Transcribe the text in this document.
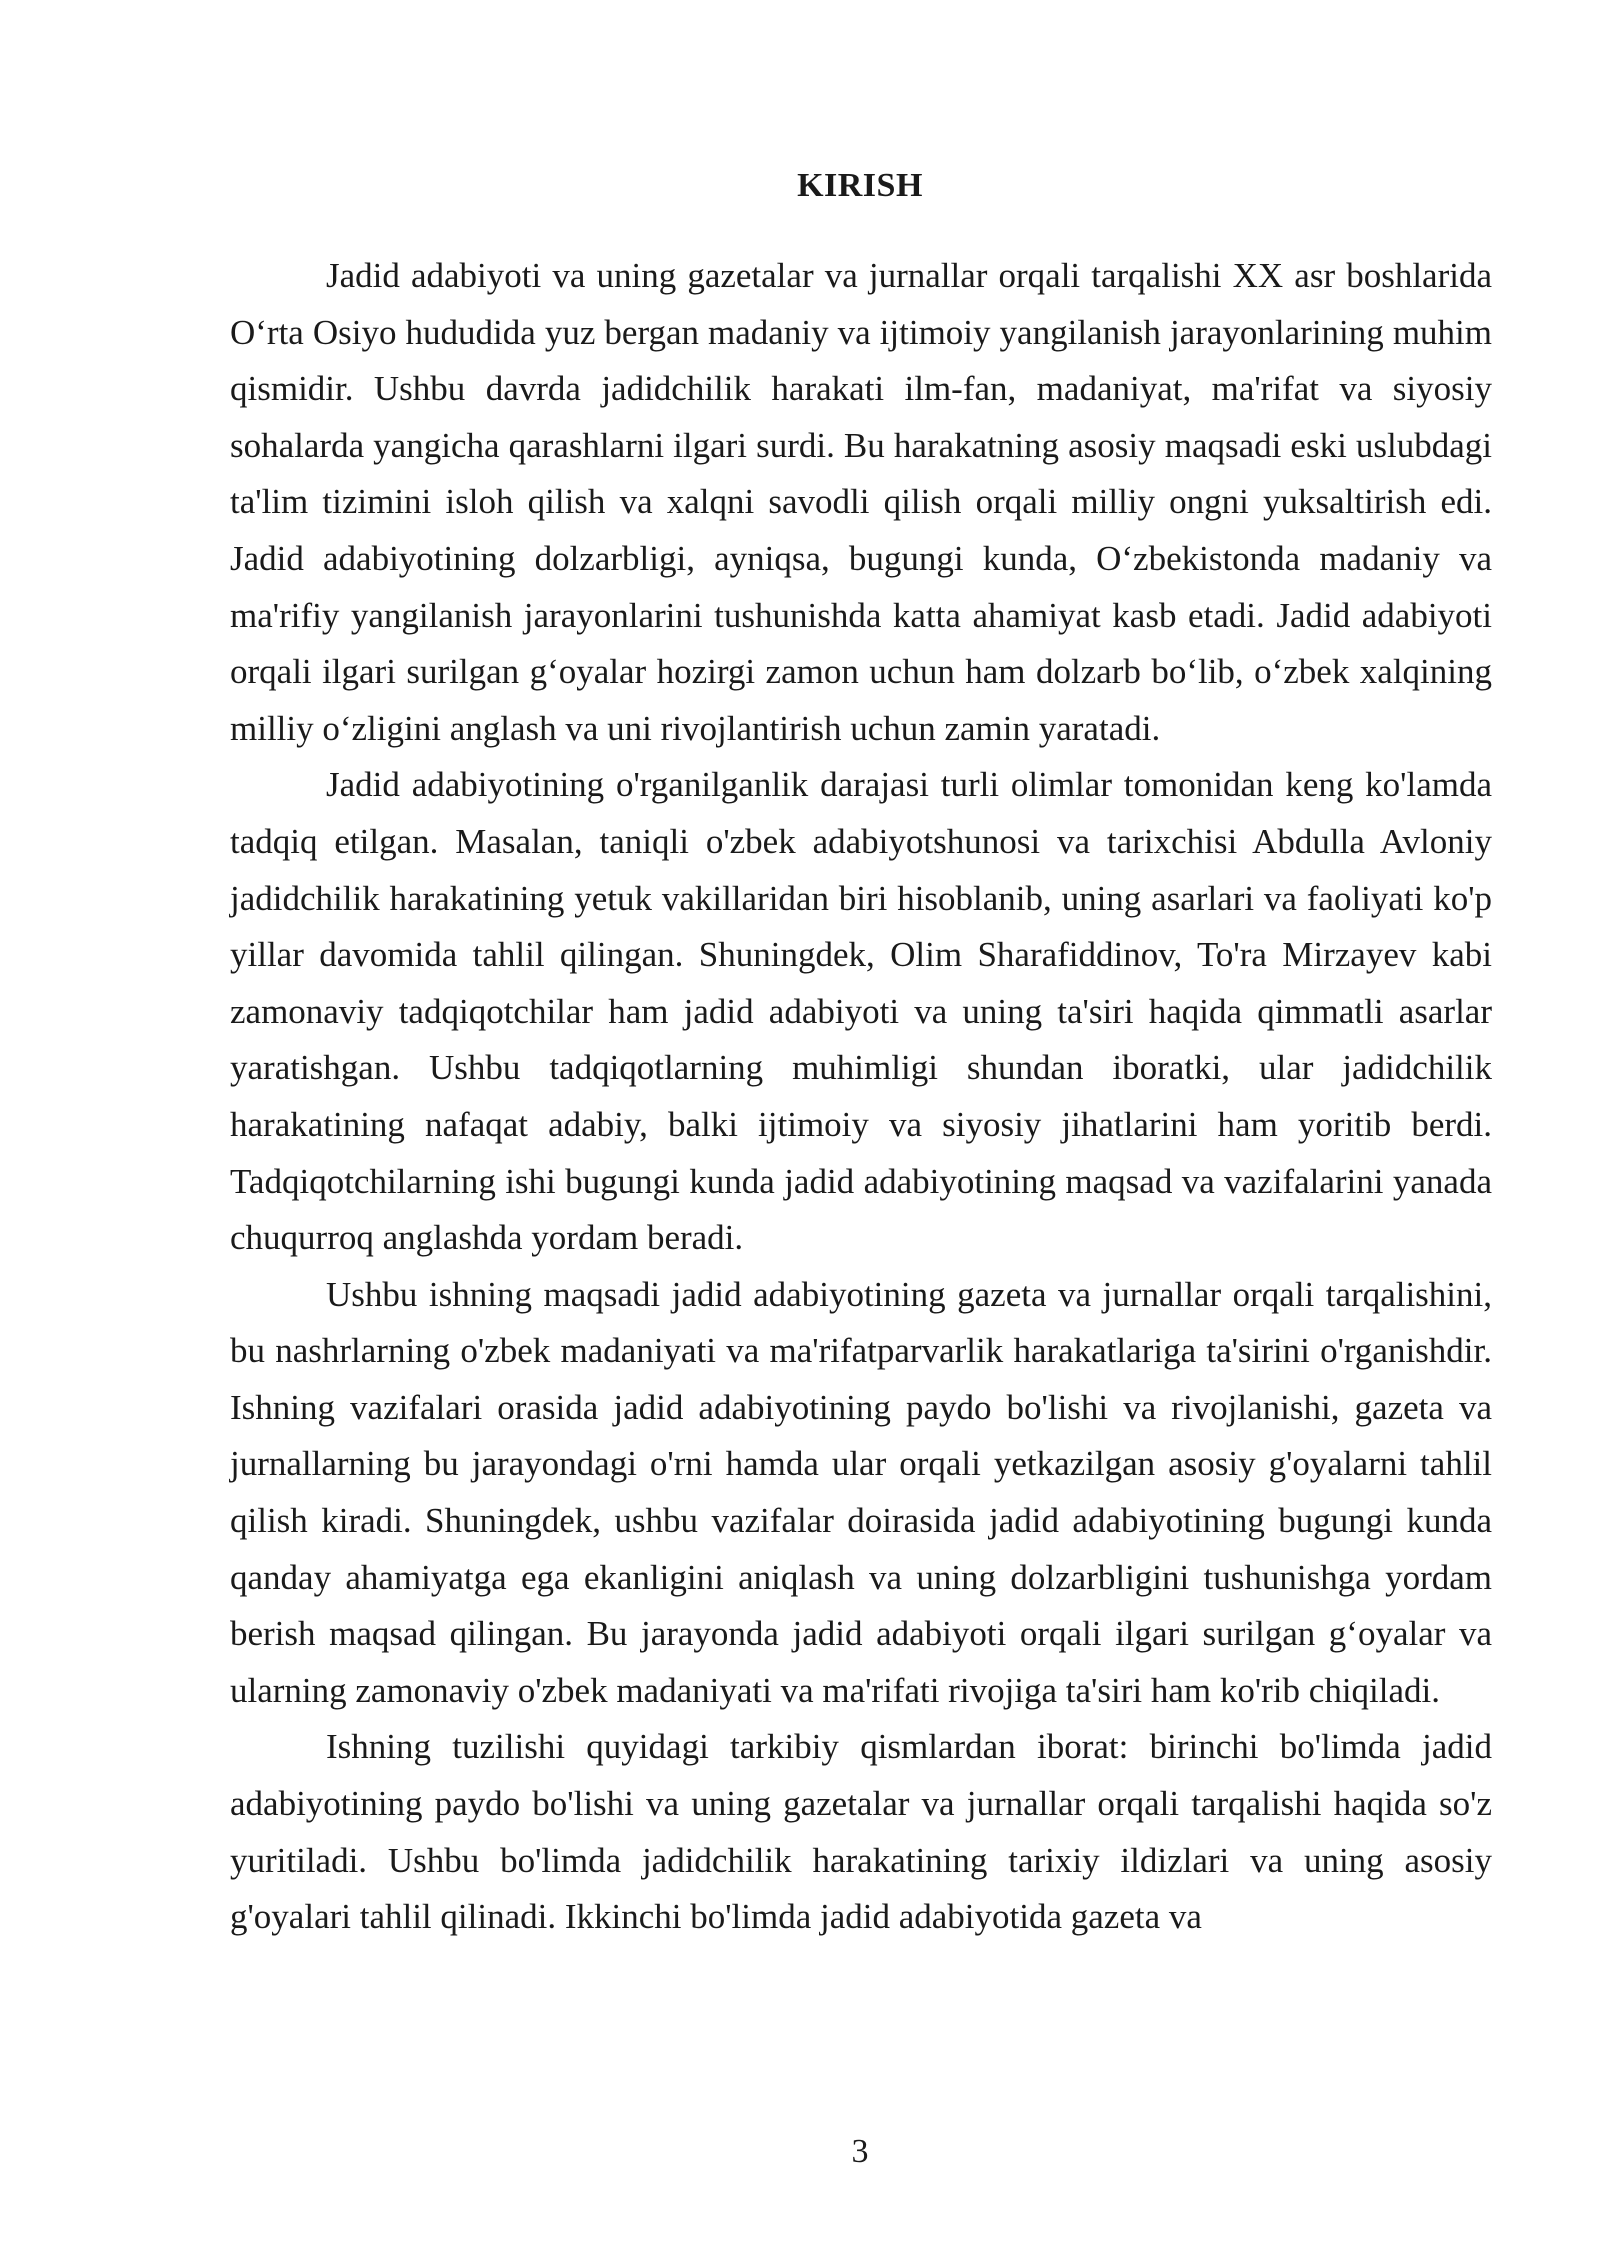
KIRISH

Jadid adabiyoti va uning gazetalar va jurnallar orqali tarqalishi XX asr boshlarida O‘rta Osiyo hududida yuz bergan madaniy va ijtimoiy yangilanish jarayonlarining muhim qismidir. Ushbu davrda jadidchilik harakati ilm-fan, madaniyat, ma'rifat va siyosiy sohalarda yangicha qarashlarni ilgari surdi. Bu harakatning asosiy maqsadi eski uslubdagi ta'lim tizimini isloh qilish va xalqni savodli qilish orqali milliy ongni yuksaltirish edi. Jadid adabiyotining dolzarbligi, ayniqsa, bugungi kunda, O‘zbekistonda madaniy va ma'rifiy yangilanish jarayonlarini tushunishda katta ahamiyat kasb etadi. Jadid adabiyoti orqali ilgari surilgan g‘oyalar hozirgi zamon uchun ham dolzarb bo‘lib, o‘zbek xalqining milliy o‘zligini anglash va uni rivojlantirish uchun zamin yaratadi.

Jadid adabiyotining o'rganilganlik darajasi turli olimlar tomonidan keng ko'lamda tadqiq etilgan. Masalan, taniqli o'zbek adabiyotshunosi va tarixchisi Abdulla Avloniy jadidchilik harakatining yetuk vakillaridan biri hisoblanib, uning asarlari va faoliyati ko'p yillar davomida tahlil qilingan. Shuningdek, Olim Sharafiddinov, To'ra Mirzayev kabi zamonaviy tadqiqotchilar ham jadid adabiyoti va uning ta'siri haqida qimmatli asarlar yaratishgan. Ushbu tadqiqotlarning muhimligi shundan iboratki, ular jadidchilik harakatining nafaqat adabiy, balki ijtimoiy va siyosiy jihatlarini ham yoritib berdi. Tadqiqotchilarning ishi bugungi kunda jadid adabiyotining maqsad va vazifalarini yanada chuqurroq anglashda yordam beradi.

Ushbu ishning maqsadi jadid adabiyotining gazeta va jurnallar orqali tarqalishini, bu nashrlarning o'zbek madaniyati va ma'rifatparvarlik harakatlariga ta'sirini o'rganishdir. Ishning vazifalari orasida jadid adabiyotining paydo bo'lishi va rivojlanishi, gazeta va jurnallarning bu jarayondagi o'rni hamda ular orqali yetkazilgan asosiy g'oyalarni tahlil qilish kiradi. Shuningdek, ushbu vazifalar doirasida jadid adabiyotining bugungi kunda qanday ahamiyatga ega ekanligini aniqlash va uning dolzarbligini tushunishga yordam berish maqsad qilingan. Bu jarayonda jadid adabiyoti orqali ilgari surilgan g‘oyalar va ularning zamonaviy o'zbek madaniyati va ma'rifati rivojiga ta'siri ham ko'rib chiqiladi.

Ishning tuzilishi quyidagi tarkibiy qismlardan iborat: birinchi bo'limda jadid adabiyotining paydo bo'lishi va uning gazetalar va jurnallar orqali tarqalishi haqida so'z yuritiladi. Ushbu bo'limda jadidchilik harakatining tarixiy ildizlari va uning asosiy g'oyalari tahlil qilinadi. Ikkinchi bo'limda jadid adabiyotida gazeta va

3
